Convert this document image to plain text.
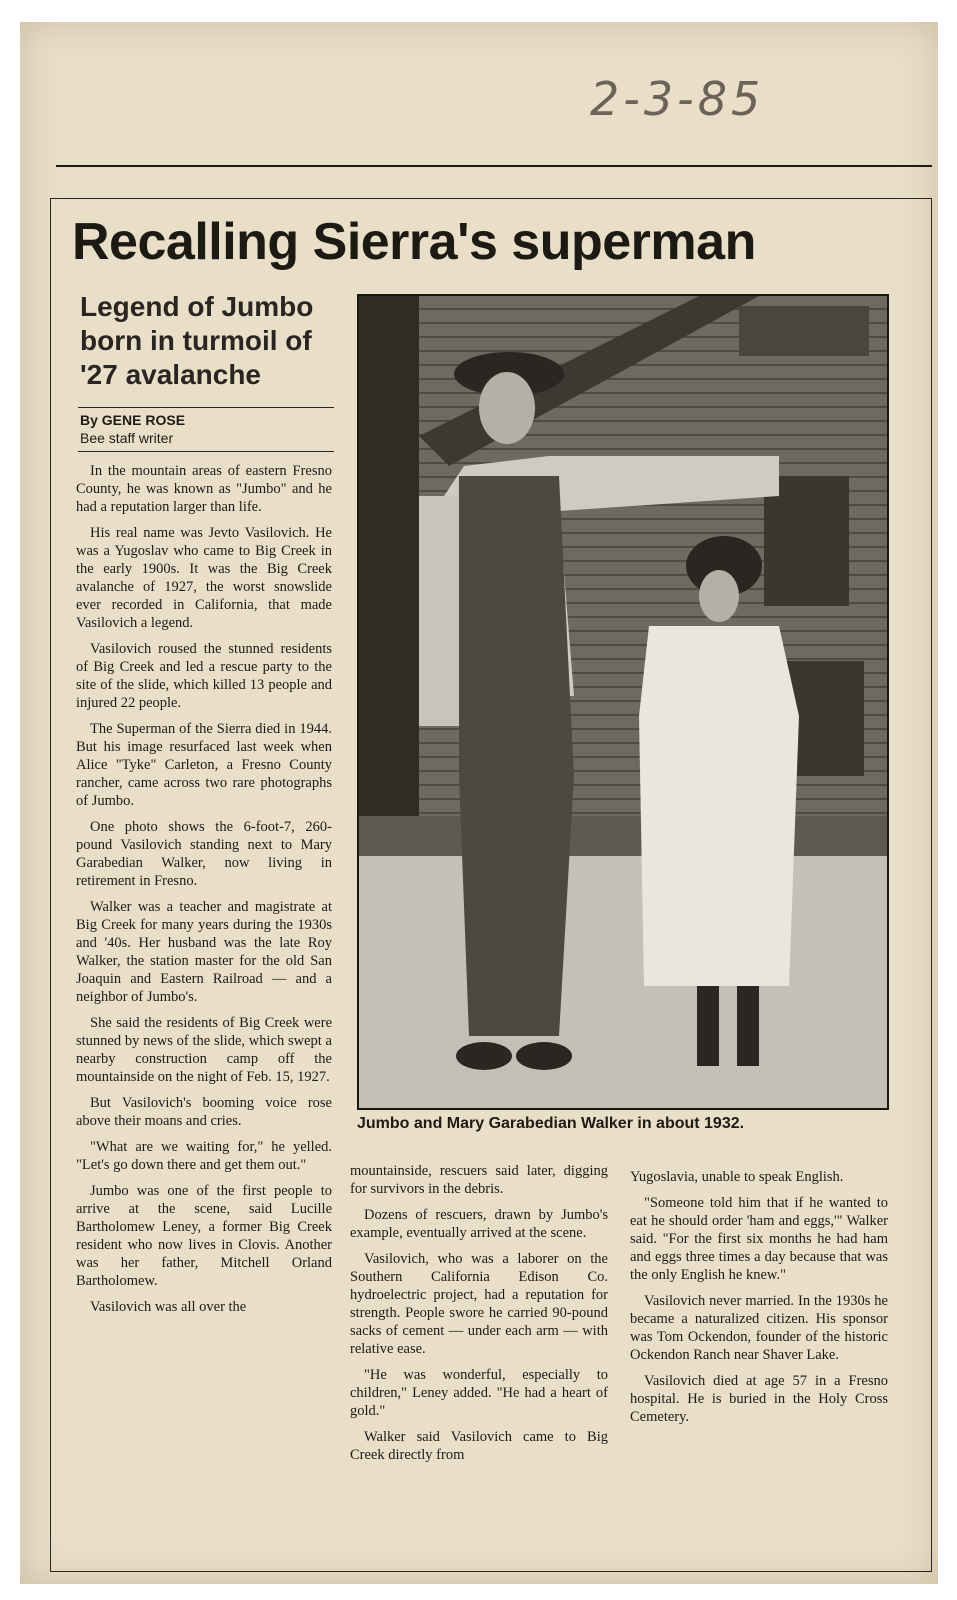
2-3-85
Recalling Sierra's superman
Legend of Jumbo born in turmoil of '27 avalanche
By GENE ROSE
Bee staff writer

In the mountain areas of eastern Fresno County, he was known as "Jumbo" and he had a reputation larger than life.

His real name was Jevto Vasilovich. He was a Yugoslav who came to Big Creek in the early 1900s. It was the Big Creek avalanche of 1927, the worst snowslide ever recorded in California, that made Vasilovich a legend.

Vasilovich roused the stunned residents of Big Creek and led a rescue party to the site of the slide, which killed 13 people and injured 22 people.

The Superman of the Sierra died in 1944. But his image resurfaced last week when Alice "Tyke" Carleton, a Fresno County rancher, came across two rare photographs of Jumbo.

One photo shows the 6-foot-7, 260-pound Vasilovich standing next to Mary Garabedian Walker, now living in retirement in Fresno.

Walker was a teacher and magistrate at Big Creek for many years during the 1930s and '40s. Her husband was the late Roy Walker, the station master for the old San Joaquin and Eastern Railroad — and a neighbor of Jumbo's.

She said the residents of Big Creek were stunned by news of the slide, which swept a nearby construction camp off the mountainside on the night of Feb. 15, 1927.

But Vasilovich's booming voice rose above their moans and cries.

"What are we waiting for," he yelled. "Let's go down there and get them out."

Jumbo was one of the first people to arrive at the scene, said Lucille Bartholomew Leney, a former Big Creek resident who now lives in Clovis. Another was her father, Mitchell Orland Bartholomew.

Vasilovich was all over the

Jumbo and Mary Garabedian Walker in about 1932.

mountainside, rescuers said later, digging for survivors in the debris.

Dozens of rescuers, drawn by Jumbo's example, eventually arrived at the scene.

Vasilovich, who was a laborer on the Southern California Edison Co. hydroelectric project, had a reputation for strength. People swore he carried 90-pound sacks of cement — under each arm — with relative ease.

"He was wonderful, especially to children," Leney added. "He had a heart of gold."

Walker said Vasilovich came to Big Creek directly from

Yugoslavia, unable to speak English.

"Someone told him that if he wanted to eat he should order 'ham and eggs,'" Walker said. "For the first six months he had ham and eggs three times a day because that was the only English he knew."

Vasilovich never married. In the 1930s he became a naturalized citizen. His sponsor was Tom Ockendon, founder of the historic Ockendon Ranch near Shaver Lake.

Vasilovich died at age 57 in a Fresno hospital. He is buried in the Holy Cross Cemetery.
